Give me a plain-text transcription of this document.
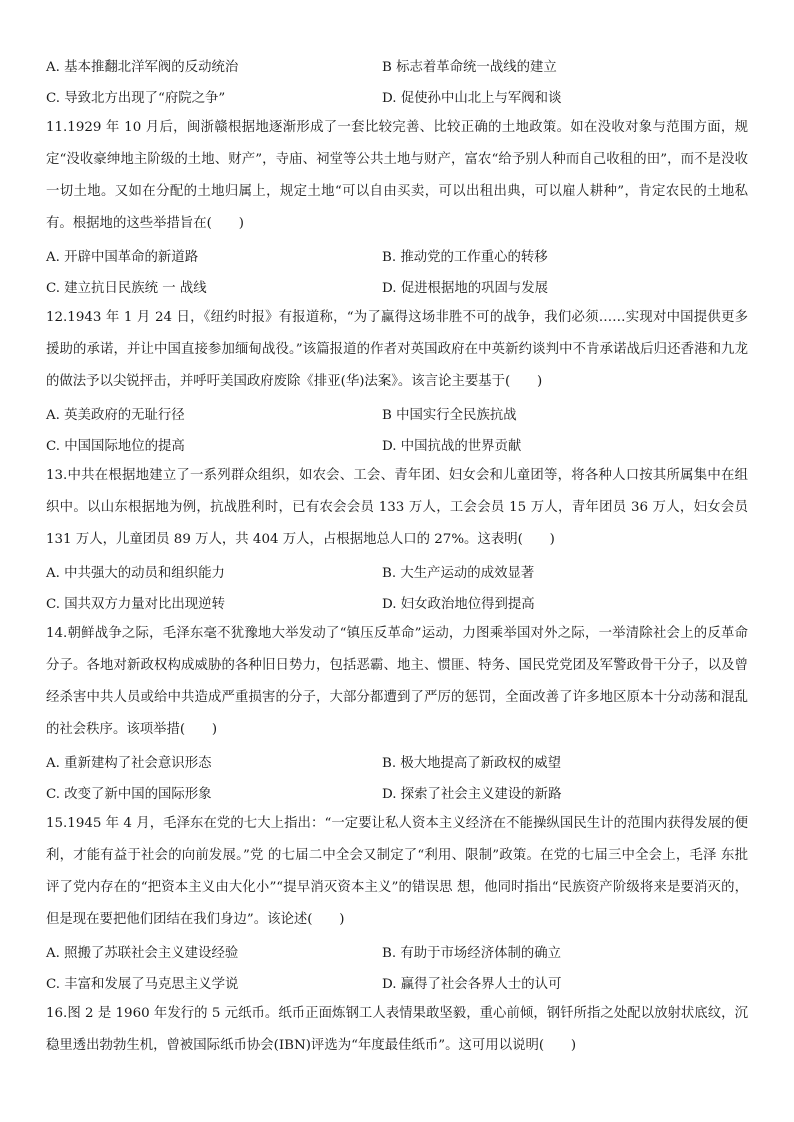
A. 基本推翻北洋军阀的反动统治	B 标志着革命统一战线的建立
C. 导致北方出现了“府院之争”	D. 促使孙中山北上与军阀和谈

11.1929 年 10 月后，闽浙赣根据地逐渐形成了一套比较完善、比较正确的土地政策。如在没收对象与范围方面，规定“没收豪绅地主阶级的土地、财产”，寺庙、祠堂等公共土地与财产，富农“给予别人种而自己收租的田”，而不是没收 一切土地。又如在分配的土地归属上，规定土地“可以自由买卖，可以出租出典，可以雇人耕种”，肯定农民的土地私有。根据地的这些举措旨在(　　)

A. 开辟中国革命的新道路	B. 推动党的工作重心的转移
C. 建立抗日民族统 一 战线	D. 促进根据地的巩固与发展

12.1943 年 1 月 24 日，《纽约时报》有报道称，“为了赢得这场非胜不可的战争，我们必须……实现对中国提供更多援助的承诺，并让中国直接参加缅甸战役。”该篇报道的作者对英国政府在中英新约谈判中不肯承诺战后归还香港和九龙的做法予以尖锐抨击，并呼吁美国政府废除《排亚(华)法案》。该言论主要基于(　　)

A. 英美政府的无耻行径	B 中国实行全民族抗战
C. 中国国际地位的提高	D. 中国抗战的世界贡献

13.中共在根据地建立了一系列群众组织，如农会、工会、青年团、妇女会和儿童团等，将各种人口按其所属集中在组织中。以山东根据地为例，抗战胜利时，已有农会会员 133 万人，工会会员 15 万人，青年团员 36 万人，妇女会员 131 万人，儿童团员 89 万人，共 404 万人，占根据地总人口的 27%。这表明(　　)

A. 中共强大的动员和组织能力	B. 大生产运动的成效显著
C. 国共双方力量对比出现逆转	D. 妇女政治地位得到提高

14.朝鲜战争之际，毛泽东毫不犹豫地大举发动了“镇压反革命”运动，力图乘举国对外之际，一举清除社会上的反革命分子。各地对新政权构成威胁的各种旧日势力，包括恶霸、地主、惯匪、特务、国民党党团及军警政骨干分子，以及曾经杀害中共人员或给中共造成严重损害的分子，大部分都遭到了严厉的惩罚，全面改善了许多地区原本十分动荡和混乱的社会秩序。该项举措(　　)

A. 重新建构了社会意识形态	B. 极大地提高了新政权的威望
C. 改变了新中国的国际形象	D. 探索了社会主义建设的新路

15.1945 年 4 月，毛泽东在党的七大上指出：“一定要让私人资本主义经济在不能操纵国民生计的范围内获得发展的便利，才能有益于社会的向前发展。”党 的七届二中全会又制定了“利用、限制”政策。在党的七届三中全会上，毛泽 东批评了党内存在的“把资本主义由大化小”“提早消灭资本主义”的错误思 想，他同时指出“民族资产阶级将来是要消灭的，但是现在要把他们团结在我们身边”。该论述(　　)

A. 照搬了苏联社会主义建设经验	B. 有助于市场经济体制的确立
C. 丰富和发展了马克思主义学说	D. 赢得了社会各界人士的认可

16.图 2 是 1960 年发行的 5 元纸币。纸币正面炼钢工人表情果敢坚毅，重心前倾，钢钎所指之处配以放射状底纹，沉稳里透出勃勃生机，曾被国际纸币协会(IBN)评选为“年度最佳纸币”。这可用以说明(　　)
